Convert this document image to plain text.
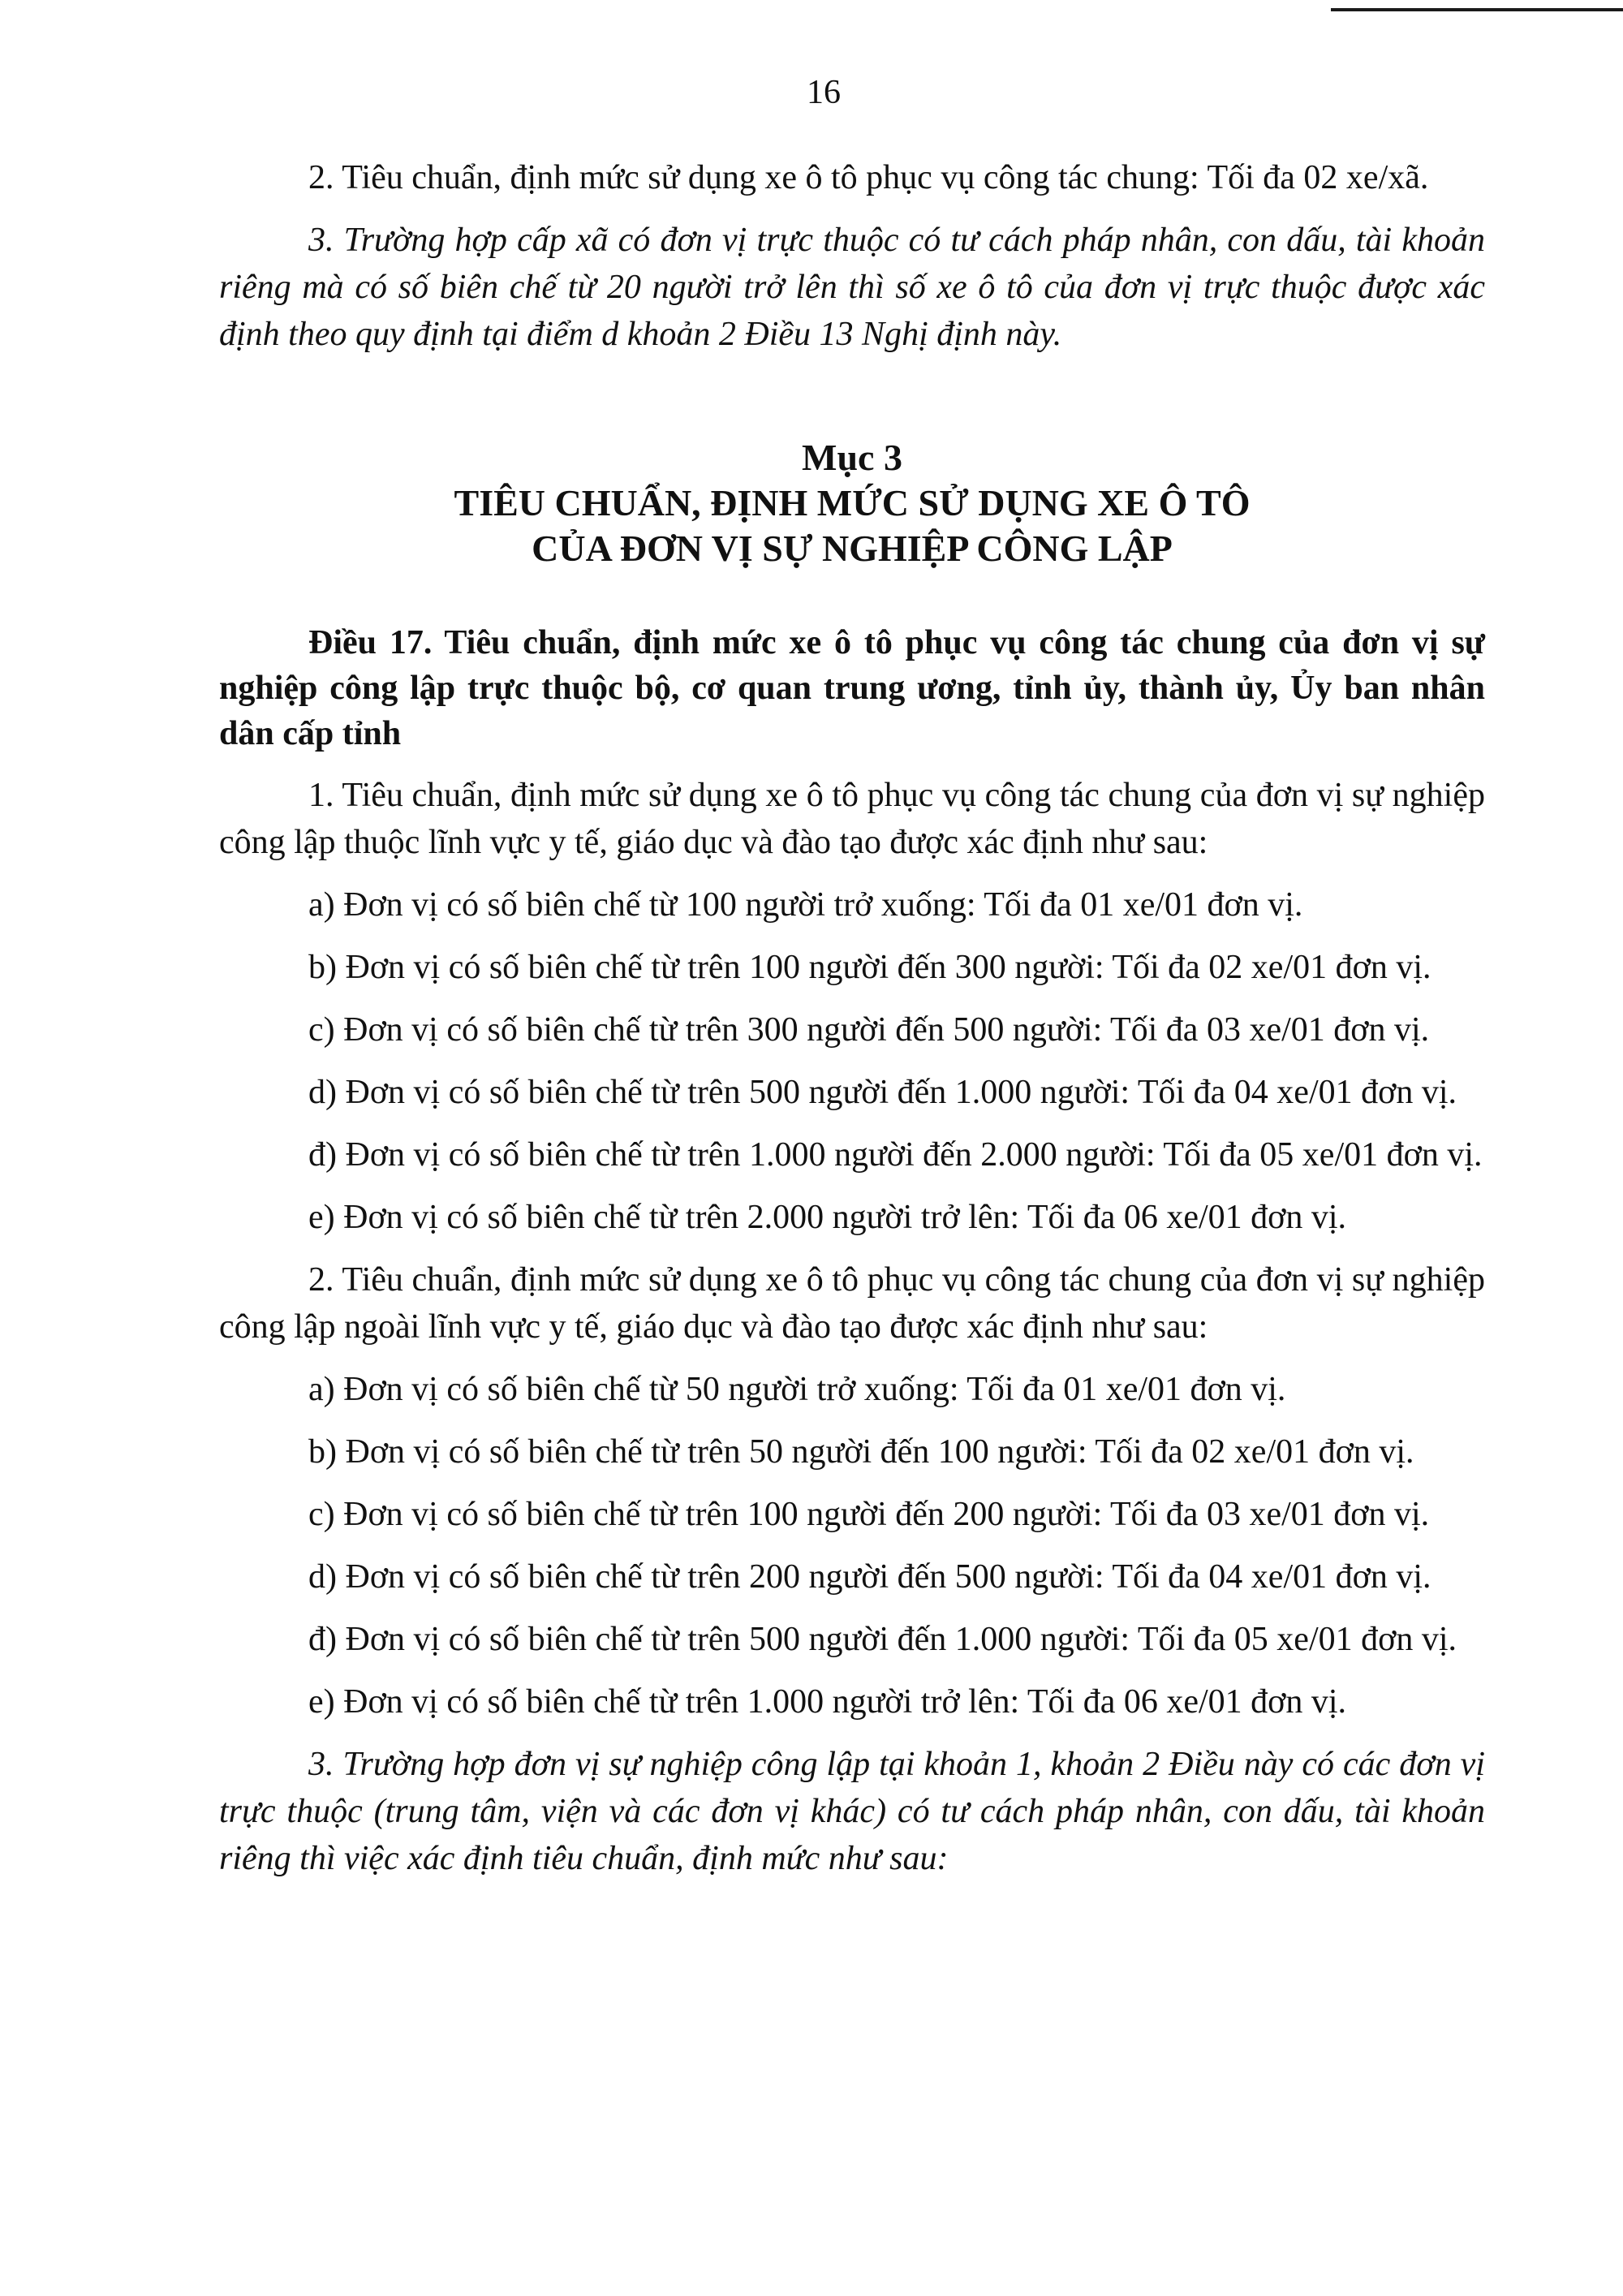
16

2. Tiêu chuẩn, định mức sử dụng xe ô tô phục vụ công tác chung: Tối đa 02 xe/xã.

3. Trường hợp cấp xã có đơn vị trực thuộc có tư cách pháp nhân, con dấu, tài khoản riêng mà có số biên chế từ 20 người trở lên thì số xe ô tô của đơn vị trực thuộc được xác định theo quy định tại điểm d khoản 2 Điều 13 Nghị định này.

Mục 3
TIÊU CHUẨN, ĐỊNH MỨC SỬ DỤNG XE Ô TÔ
CỦA ĐƠN VỊ SỰ NGHIỆP CÔNG LẬP

Điều 17. Tiêu chuẩn, định mức xe ô tô phục vụ công tác chung của đơn vị sự nghiệp công lập trực thuộc bộ, cơ quan trung ương, tỉnh ủy, thành ủy, Ủy ban nhân dân cấp tỉnh

1. Tiêu chuẩn, định mức sử dụng xe ô tô phục vụ công tác chung của đơn vị sự nghiệp công lập thuộc lĩnh vực y tế, giáo dục và đào tạo được xác định như sau:

a) Đơn vị có số biên chế từ 100 người trở xuống: Tối đa 01 xe/01 đơn vị.

b) Đơn vị có số biên chế từ trên 100 người đến 300 người: Tối đa 02 xe/01 đơn vị.

c) Đơn vị có số biên chế từ trên 300 người đến 500 người: Tối đa 03 xe/01 đơn vị.

d) Đơn vị có số biên chế từ trên 500 người đến 1.000 người: Tối đa 04 xe/01 đơn vị.

đ) Đơn vị có số biên chế từ trên 1.000 người đến 2.000 người: Tối đa 05 xe/01 đơn vị.

e) Đơn vị có số biên chế từ trên 2.000 người trở lên: Tối đa 06 xe/01 đơn vị.

2. Tiêu chuẩn, định mức sử dụng xe ô tô phục vụ công tác chung của đơn vị sự nghiệp công lập ngoài lĩnh vực y tế, giáo dục và đào tạo được xác định như sau:

a) Đơn vị có số biên chế từ 50 người trở xuống: Tối đa 01 xe/01 đơn vị.

b) Đơn vị có số biên chế từ trên 50 người đến 100 người: Tối đa 02 xe/01 đơn vị.

c) Đơn vị có số biên chế từ trên 100 người đến 200 người: Tối đa 03 xe/01 đơn vị.

d) Đơn vị có số biên chế từ trên 200 người đến 500 người: Tối đa 04 xe/01 đơn vị.

đ) Đơn vị có số biên chế từ trên 500 người đến 1.000 người: Tối đa 05 xe/01 đơn vị.

e) Đơn vị có số biên chế từ trên 1.000 người trở lên: Tối đa 06 xe/01 đơn vị.

3. Trường hợp đơn vị sự nghiệp công lập tại khoản 1, khoản 2 Điều này có các đơn vị trực thuộc (trung tâm, viện và các đơn vị khác) có tư cách pháp nhân, con dấu, tài khoản riêng thì việc xác định tiêu chuẩn, định mức như sau:
